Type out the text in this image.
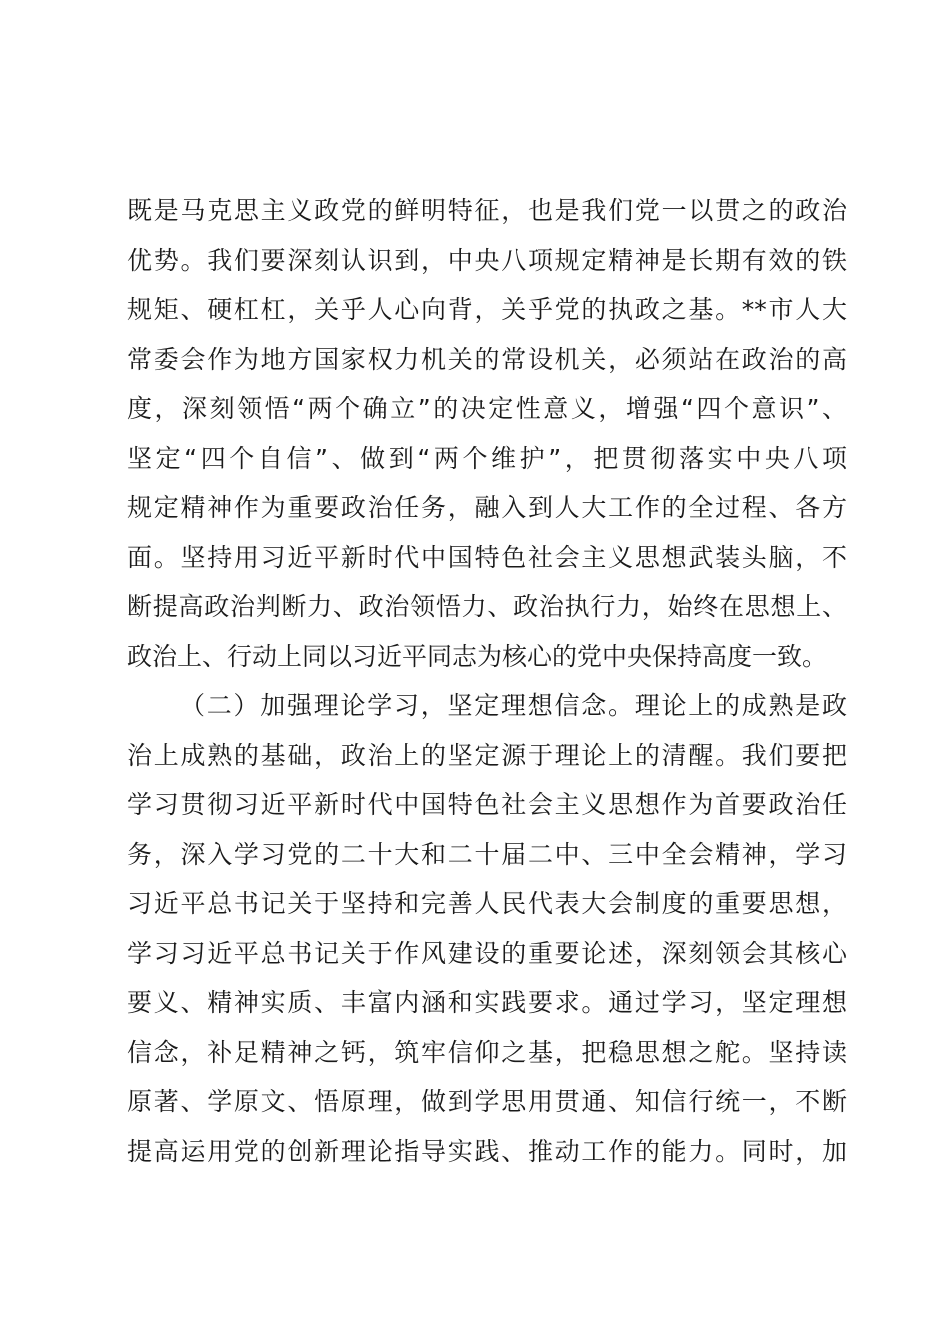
既是马克思主义政党的鲜明特征，也是我们党一以贯之的政治
优势。我们要深刻认识到，中央八项规定精神是长期有效的铁
规矩、硬杠杠，关乎人心向背，关乎党的执政之基。**市人大
常委会作为地方国家权力机关的常设机关，必须站在政治的高
度，深刻领悟“两个确立”的决定性意义，增强“四个意识”、
坚定“四个自信”、做到“两个维护”，把贯彻落实中央八项
规定精神作为重要政治任务，融入到人大工作的全过程、各方
面。坚持用习近平新时代中国特色社会主义思想武装头脑，不
断提高政治判断力、政治领悟力、政治执行力，始终在思想上、
政治上、行动上同以习近平同志为核心的党中央保持高度一致。
（二）加强理论学习，坚定理想信念。理论上的成熟是政
治上成熟的基础，政治上的坚定源于理论上的清醒。我们要把
学习贯彻习近平新时代中国特色社会主义思想作为首要政治任
务，深入学习党的二十大和二十届二中、三中全会精神，学习
习近平总书记关于坚持和完善人民代表大会制度的重要思想，
学习习近平总书记关于作风建设的重要论述，深刻领会其核心
要义、精神实质、丰富内涵和实践要求。通过学习，坚定理想
信念，补足精神之钙，筑牢信仰之基，把稳思想之舵。坚持读
原著、学原文、悟原理，做到学思用贯通、知信行统一，不断
提高运用党的创新理论指导实践、推动工作的能力。同时，加
